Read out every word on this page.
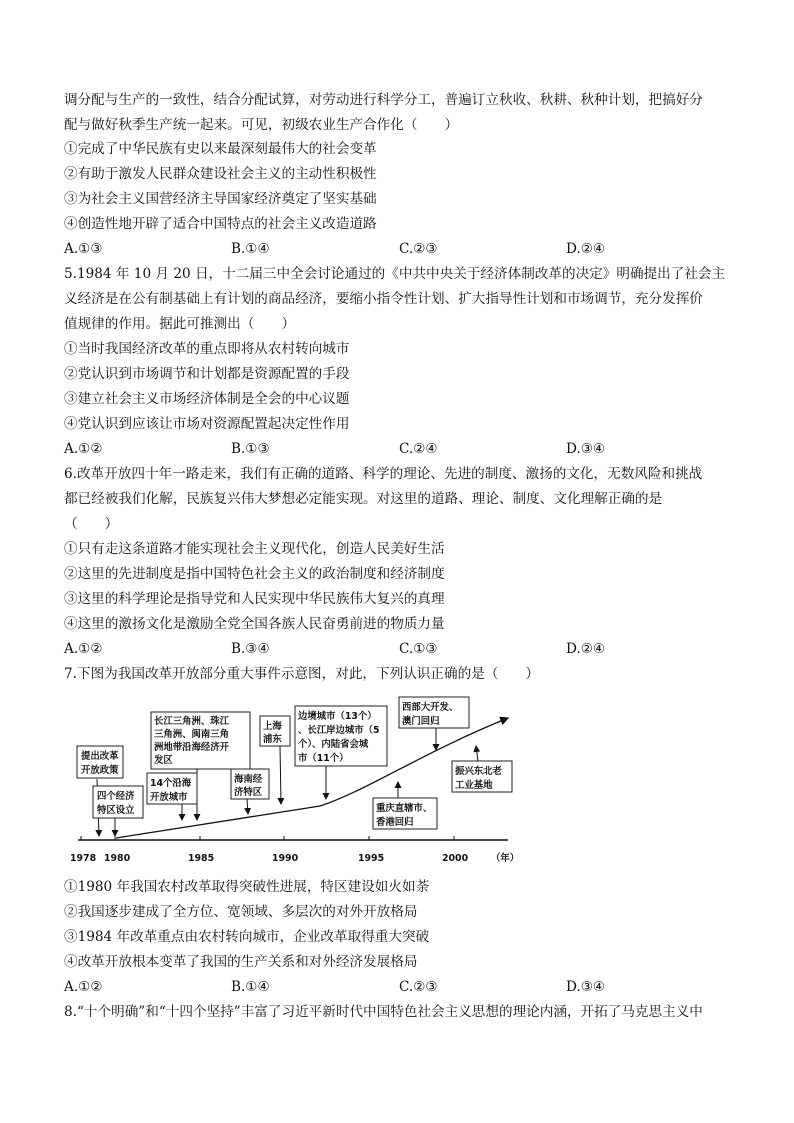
调分配与生产的一致性，结合分配试算，对劳动进行科学分工，普遍订立秋收、秋耕、秋种计划，把搞好分
配与做好秋季生产统一起来。可见，初级农业生产合作化（　　）
①完成了中华民族有史以来最深刻最伟大的社会变革
②有助于激发人民群众建设社会主义的主动性积极性
③为社会主义国营经济主导国家经济奠定了坚实基础
④创造性地开辟了适合中国特点的社会主义改造道路
A.①③	B.①④	C.②③	D.②④
5.1984 年 10 月 20 日，十二届三中全会讨论通过的《中共中央关于经济体制改革的决定》明确提出了社会主
义经济是在公有制基础上有计划的商品经济，要缩小指令性计划、扩大指导性计划和市场调节，充分发挥价
值规律的作用。据此可推测出（　　）
①当时我国经济改革的重点即将从农村转向城市
②党认识到市场调节和计划都是资源配置的手段
③建立社会主义市场经济体制是全会的中心议题
④党认识到应该让市场对资源配置起决定性作用
A.①②	B.①③	C.②④	D.③④
6.改革开放四十年一路走来，我们有正确的道路、科学的理论、先进的制度、激扬的文化，无数风险和挑战
都已经被我们化解，民族复兴伟大梦想必定能实现。对这里的道路、理论、制度、文化理解正确的是
（　　）
①只有走这条道路才能实现社会主义现代化，创造人民美好生活
②这里的先进制度是指中国特色社会主义的政治制度和经济制度
③这里的科学理论是指导党和人民实现中华民族伟大复兴的真理
④这里的激扬文化是激励全党全国各族人民奋勇前进的物质力量
A.①②	B.③④	C.①③	D.②④
7.下图为我国改革开放部分重大事件示意图，对此，下列认识正确的是（　　）
1978 1980	1985	1990	1995	2000 （年）
提出改革
开放政策
四个经济
特区设立
14个沿海
开放城市
长江三角洲、珠江
三角洲、闽南三角
洲地带沿海经济开
发区
海南经
济特区
上海
浦东
边境城市（13个）
、长江岸边城市（5
个）、内陆省会城
市（11个）
重庆直辖市、
香港回归
西部大开发、
澳门回归
振兴东北老
工业基地
①1980 年我国农村改革取得突破性进展，特区建设如火如荼
②我国逐步建成了全方位、宽领域、多层次的对外开放格局
③1984 年改革重点由农村转向城市，企业改革取得重大突破
④改革开放根本变革了我国的生产关系和对外经济发展格局
A.①②	B.①④	C.②③	D.③④
8.“十个明确”和“十四个坚持”丰富了习近平新时代中国特色社会主义思想的理论内涵，开拓了马克思主义中
